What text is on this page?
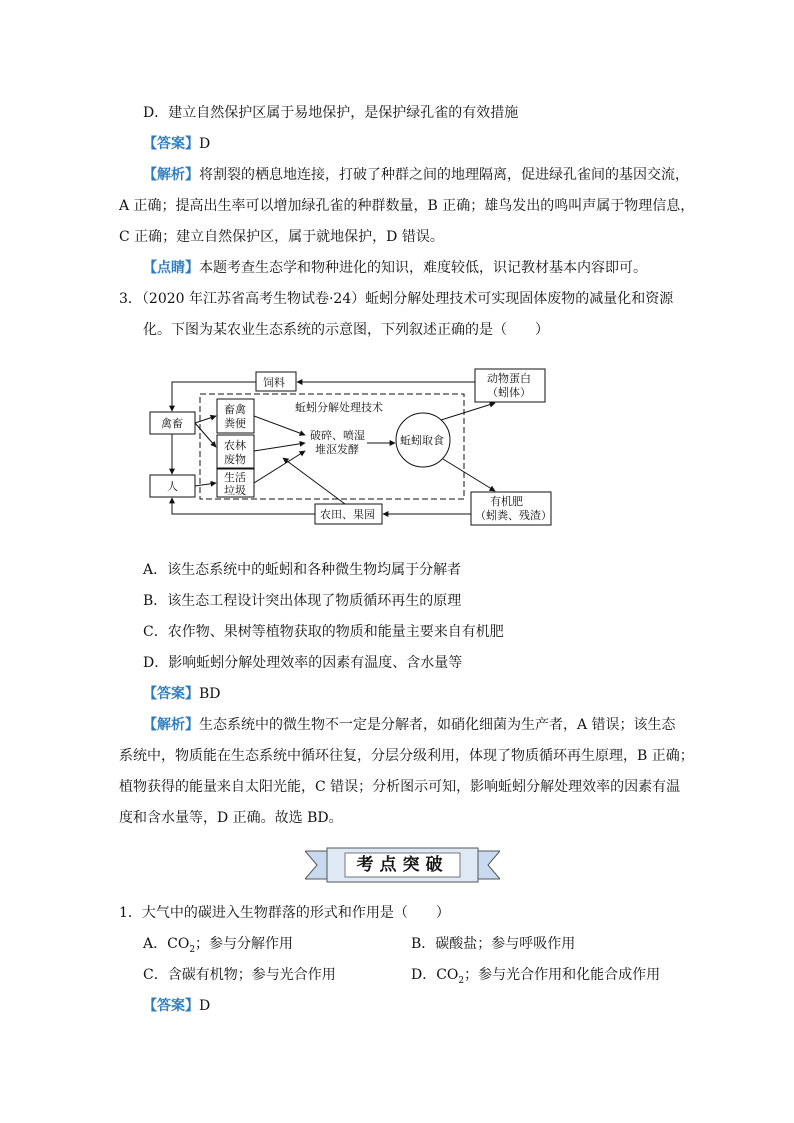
D．建立自然保护区属于易地保护，是保护绿孔雀的有效措施
【答案】D
【解析】将割裂的栖息地连接，打破了种群之间的地理隔离，促进绿孔雀间的基因交流，
A 正确；提高出生率可以增加绿孔雀的种群数量，B 正确；雄鸟发出的鸣叫声属于物理信息，
C 正确；建立自然保护区，属于就地保护，D 错误。
【点睛】本题考查生态学和物种进化的知识，难度较低，识记教材基本内容即可。
3．（2020 年江苏省高考生物试卷·24）蚯蚓分解处理技术可实现固体废物的减量化和资源
化。下图为某农业生态系统的示意图，下列叙述正确的是（　　）
蚯蚓分解处理技术
饲料	动物蛋白
（蚓体）
禽畜
畜禽
粪便
农林
废物
生活
垃圾
破碎、喷湿
堆沤发酵
蚯蚓取食
人
有机肥
（蚓粪、残渣）
农田、果园
A．该生态系统中的蚯蚓和各种微生物均属于分解者
B．该生态工程设计突出体现了物质循环再生的原理
C．农作物、果树等植物获取的物质和能量主要来自有机肥
D．影响蚯蚓分解处理效率的因素有温度、含水量等
【答案】BD
【解析】生态系统中的微生物不一定是分解者，如硝化细菌为生产者，A 错误；该生态
系统中，物质能在生态系统中循环往复，分层分级利用，体现了物质循环再生原理，B 正确；
植物获得的能量来自太阳光能，C 错误；分析图示可知，影响蚯蚓分解处理效率的因素有温
度和含水量等，D 正确。故选 BD。
考点突破
1．大气中的碳进入生物群落的形式和作用是（　　）
A．$CO_2$；参与分解作用	B．碳酸盐；参与呼吸作用
C．含碳有机物；参与光合作用	D．$CO_2$；参与光合作用和化能合成作用
【答案】D
